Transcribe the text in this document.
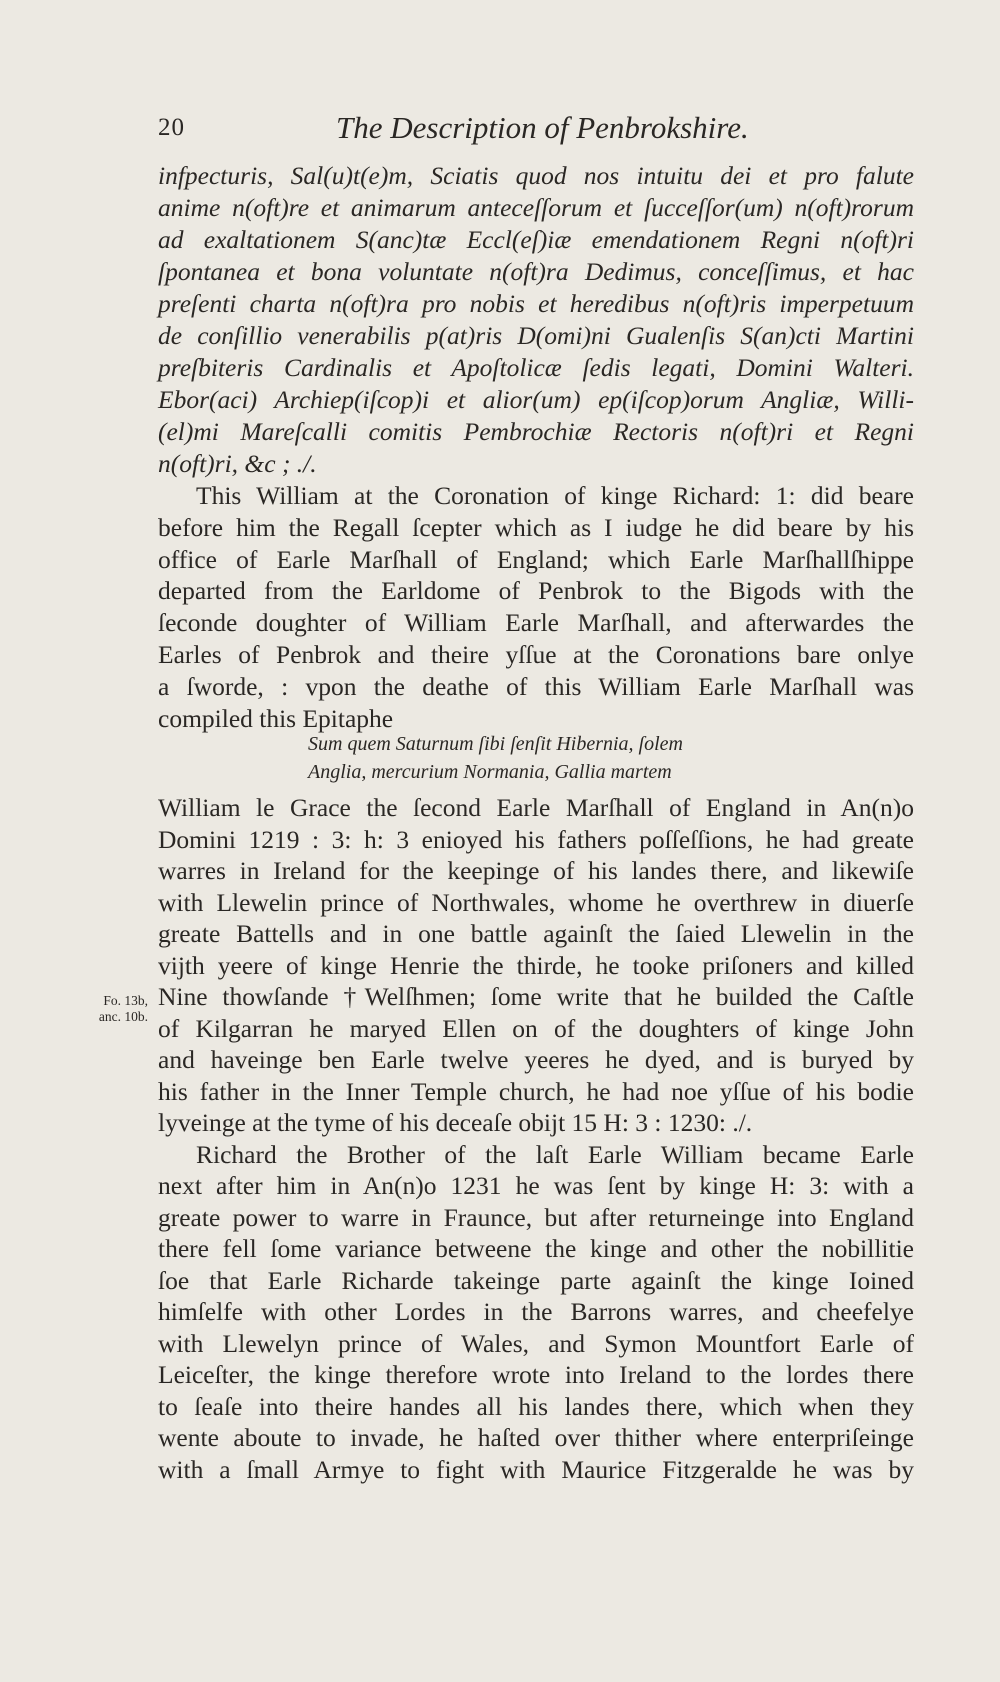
20	The Description of Penbrokshire.
infpecturis, Sal(u)t(e)m, Sciatis quod nos intuitu dei et pro falute
anime n(oft)re et animarum anteceſſorum et ſucceſſor(um) n(oft)rorum
ad exaltationem S(anc)tæ Eccl(eſ)iæ emendationem Regni n(oft)ri
ſpontanea et bona voluntate n(oft)ra Dedimus, conceſſimus, et hac
preſenti charta n(oft)ra pro nobis et heredibus n(oft)ris imperpetuum
de conſillio venerabilis p(at)ris D(omi)ni Gualenſis S(an)cti Martini
preſbiteris Cardinalis et Apoſtolicæ ſedis legati, Domini Walteri.
Ebor(aci) Archiep(iſcop)i et alior(um) ep(iſcop)orum Angliæ, Willi-
(el)mi Mareſcalli comitis Pembrochiæ Rectoris n(oft)ri et Regni
n(oft)ri, &c ; ./.
This William at the Coronation of kinge Richard: 1: did beare
before him the Regall ſcepter which as I iudge he did beare by his
office of Earle Marſhall of England; which Earle Marſhallſhippe
departed from the Earldome of Penbrok to the Bigods with the
ſeconde doughter of William Earle Marſhall, and afterwardes the
Earles of Penbrok and theire yſſue at the Coronations bare onlye
a ſworde, : vpon the deathe of this William Earle Marſhall was
compiled this Epitaphe
Sum quem Saturnum ſibi ſenſit Hibernia, ſolem
Anglia, mercurium Normania, Gallia martem
William le Grace the ſecond Earle Marſhall of England in An(n)o
Domini 1219 : 3: h: 3 enioyed his fathers poſſeſſions, he had greate
warres in Ireland for the keepinge of his landes there, and likewiſe
with Llewelin prince of Northwales, whome he overthrew in diuerſe
greate Battells and in one battle againſt the ſaied Llewelin in the
vijth yeere of kinge Henrie the thirde, he tooke priſoners and killed
Nine thowſande †Welſhmen; ſome write that he builded the Caſtle
of Kilgarran he maryed Ellen on of the doughters of kinge John
and haveinge ben Earle twelve yeeres he dyed, and is buryed by
his father in the Inner Temple church, he had noe yſſue of his bodie
lyveinge at the tyme of his deceaſe obijt 15 H: 3 : 1230: ./.
Richard the Brother of the laſt Earle William became Earle
next after him in An(n)o 1231 he was ſent by kinge H: 3: with a
greate power to warre in Fraunce, but after returneinge into England
there fell ſome variance betweene the kinge and other the nobillitie
ſoe that Earle Richarde takeinge parte againſt the kinge Ioined
himſelfe with other Lordes in the Barrons warres, and cheefelye
with Llewelyn prince of Wales, and Symon Mountfort Earle of
Leiceſter, the kinge therefore wrote into Ireland to the lordes there
to ſeaſe into theire handes all his landes there, which when they
wente aboute to invade, he haſted over thither where enterpriſeinge
with a ſmall Armye to fight with Maurice Fitzgeralde he was by
Fo. 13b,
anc. 10b.
